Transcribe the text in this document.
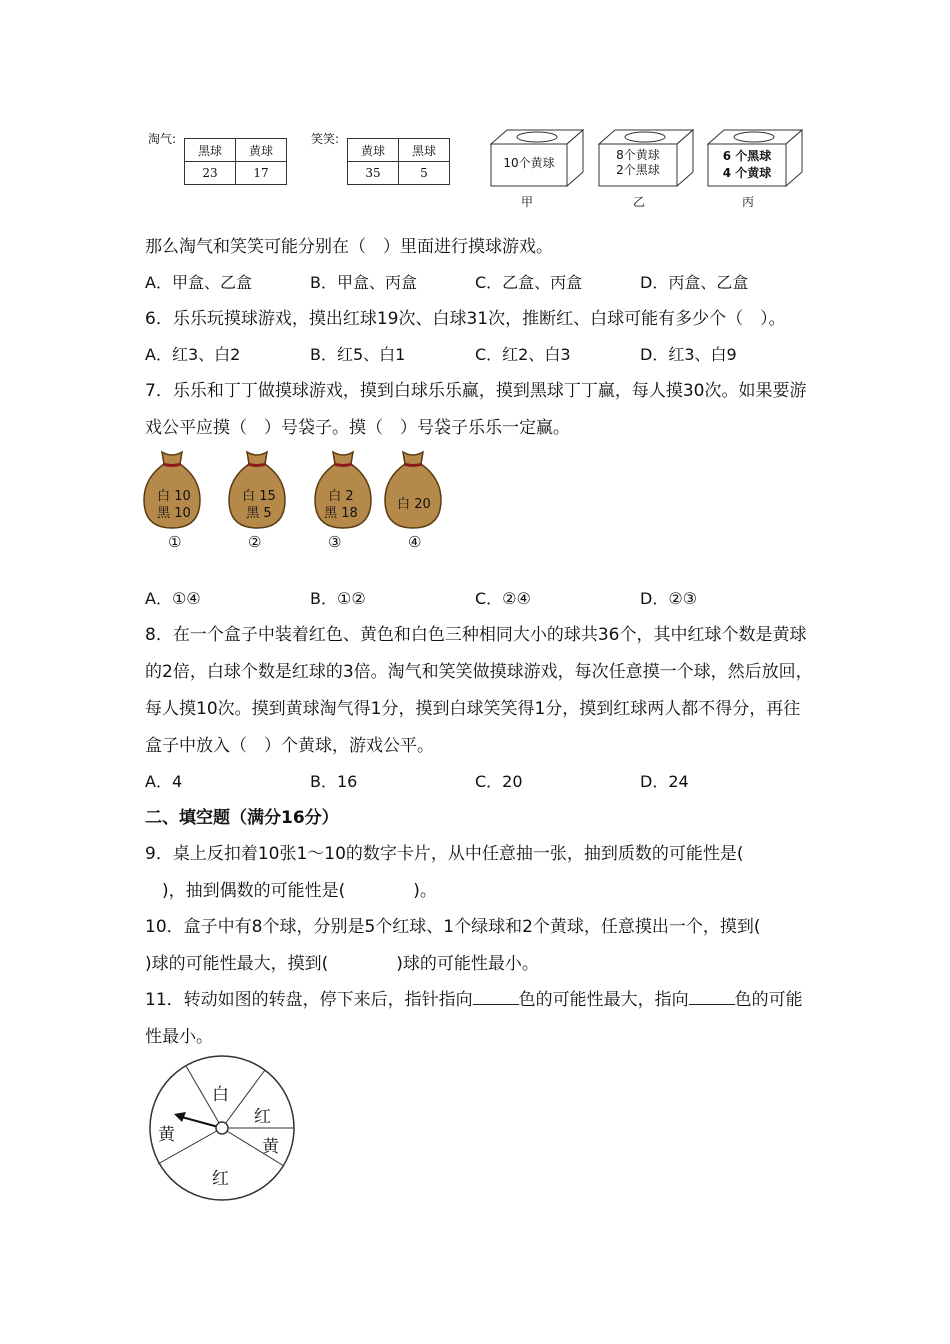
淘气:
黑球	黄球
23	17
笑笑:
黄球	黑球
35	5
10个黄球
8个黄球
2个黑球
6 个黑球
4 个黄球
甲	乙	丙
那么淘气和笑笑可能分别在（　）里面进行摸球游戏。
A．甲盒、乙盒	B．甲盒、丙盒	C．乙盒、丙盒	D．丙盒、乙盒
6．乐乐玩摸球游戏，摸出红球19次、白球31次，推断红、白球可能有多少个（　）。
A．红3、白2	B．红5、白1	C．红2、白3	D．红3、白9
7．乐乐和丁丁做摸球游戏，摸到白球乐乐赢，摸到黑球丁丁赢，每人摸30次。如果要游
戏公平应摸（　）号袋子。摸（　）号袋子乐乐一定赢。
白 10
黑 10
白 15
黑 5
白 2
黑 18
白 20
①	②	③	④
A．①④	B．①②	C．②④	D．②③
8．在一个盒子中装着红色、黄色和白色三种相同大小的球共36个，其中红球个数是黄球
的2倍，白球个数是红球的3倍。淘气和笑笑做摸球游戏，每次任意摸一个球，然后放回，
每人摸10次。摸到黄球淘气得1分，摸到白球笑笑得1分，摸到红球两人都不得分，再往
盒子中放入（　）个黄球，游戏公平。
A．4	B．16	C．20	D．24
二、填空题（满分16分）
9．桌上反扣着10张1～10的数字卡片，从中任意抽一张，抽到质数的可能性是(
　)，抽到偶数的可能性是(　　　　)。
10．盒子中有8个球，分别是5个红球、1个绿球和2个黄球，任意摸出一个，摸到(
)球的可能性最大，摸到(　　　　)球的可能性最小。
11．转动如图的转盘，停下来后，指针指向	色的可能性最大，指向	色的可能
性最小。
白
红
黄
黄
红
